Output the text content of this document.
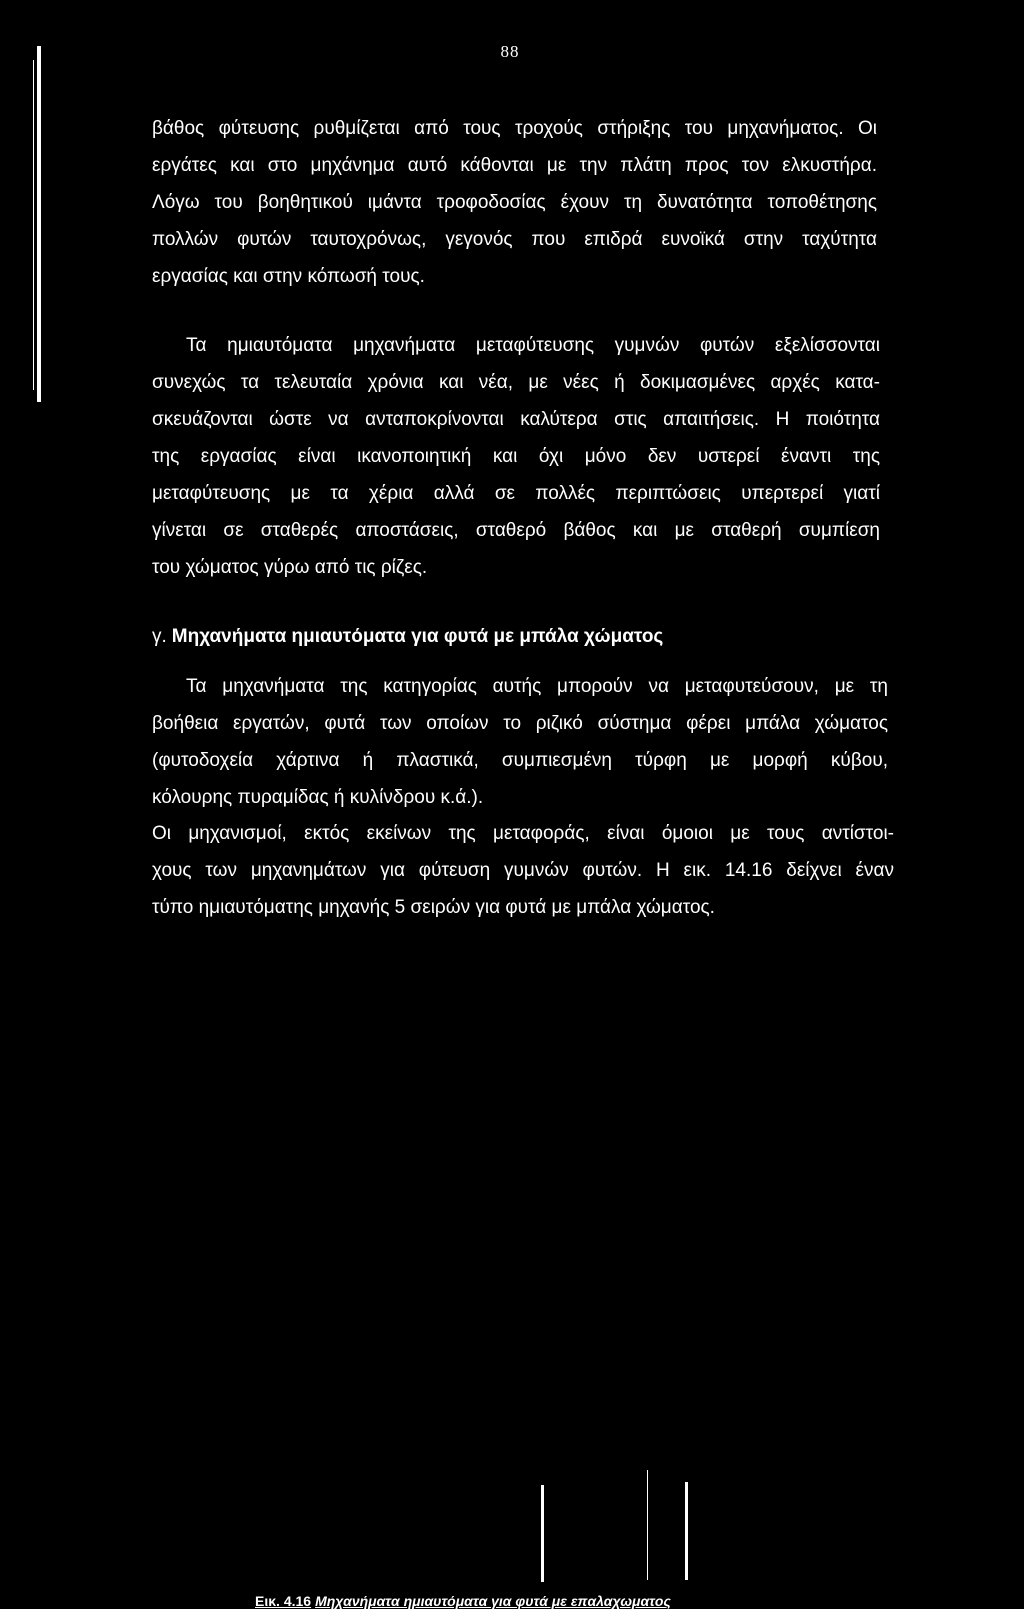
88
βάθος φύτευσης ρυθμίζεται από τους τροχούς στήριξης του μηχανήματος. Οι
εργάτες και στο μηχάνημα αυτό κάθονται με την πλάτη προς τον ελκυστήρα.
Λόγω του βοηθητικού ιμάντα τροφοδοσίας έχουν τη δυνατότητα τοποθέτησης
πολλών φυτών ταυτοχρόνως, γεγονός που επιδρά ευνοϊκά στην ταχύτητα
εργασίας και στην κόπωσή τους.
Τα ημιαυτόματα μηχανήματα μεταφύτευσης γυμνών φυτών εξελίσσονται
συνεχώς τα τελευταία χρόνια και νέα, με νέες ή δοκιμασμένες αρχές κατα-
σκευάζονται ώστε να ανταποκρίνονται καλύτερα στις απαιτήσεις. Η ποιότητα
της εργασίας είναι ικανοποιητική και όχι μόνο δεν υστερεί έναντι της
μεταφύτευσης με τα χέρια αλλά σε πολλές περιπτώσεις υπερτερεί γιατί
γίνεται σε σταθερές αποστάσεις, σταθερό βάθος και με σταθερή συμπίεση
του χώματος γύρω από τις ρίζες.
γ. Μηχανήματα ημιαυτόματα για φυτά με μπάλα χώματος
Τα μηχανήματα της κατηγορίας αυτής μπορούν να μεταφυτεύσουν, με τη
βοήθεια εργατών, φυτά των οποίων το ριζικό σύστημα φέρει μπάλα χώματος
(φυτοδοχεία χάρτινα ή πλαστικά, συμπιεσμένη τύρφη με μορφή κύβου,
κόλουρης πυραμίδας ή κυλίνδρου κ.ά.).
Οι μηχανισμοί, εκτός εκείνων της μεταφοράς, είναι όμοιοι με τους αντίστοι-
χους των μηχανημάτων για φύτευση γυμνών φυτών. Η εικ. 14.16 δείχνει έναν
τύπο ημιαυτόματης μηχανής 5 σειρών για φυτά με μπάλα χώματος.

Εικ. 4.16 Μηχανήματα ημιαυτόματα για φυτά με επαλαχωματος
